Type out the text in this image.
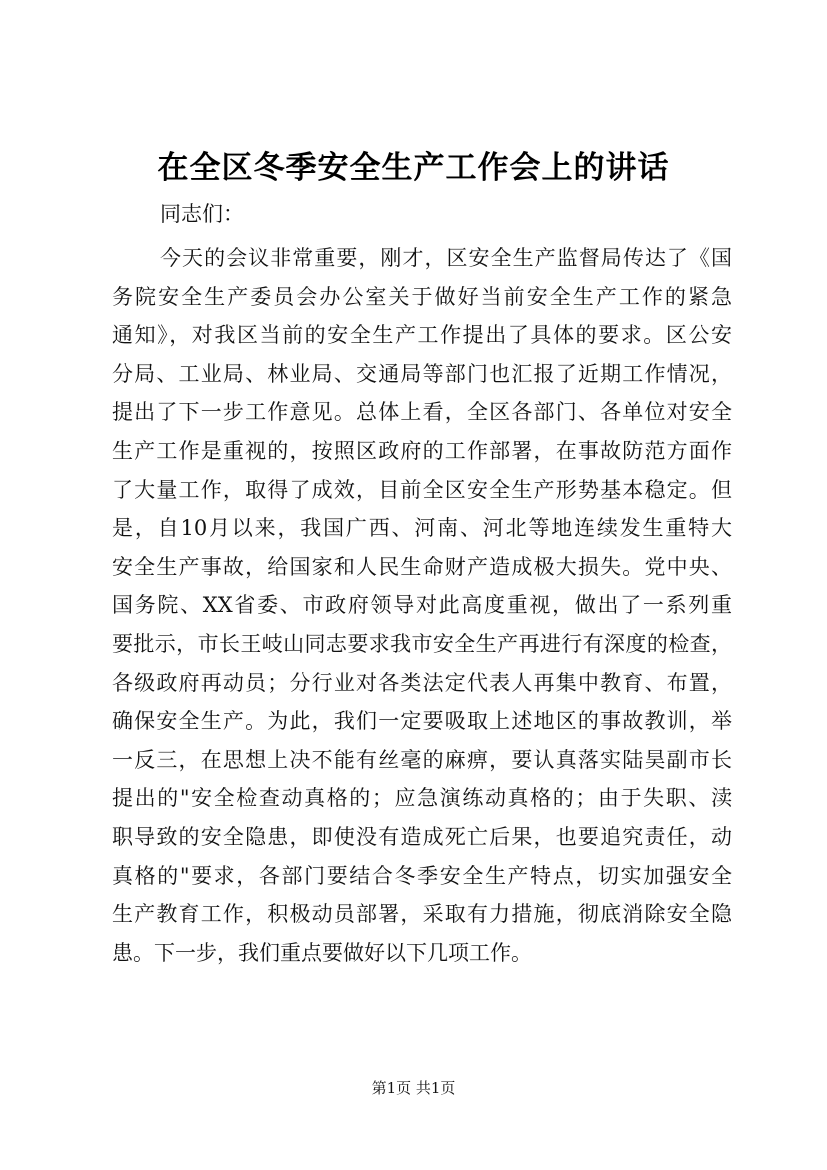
在全区冬季安全生产工作会上的讲话
同志们：
今天的会议非常重要，刚才，区安全生产监督局传达了《国
务院安全生产委员会办公室关于做好当前安全生产工作的紧急
通知》，对我区当前的安全生产工作提出了具体的要求。区公安
分局、工业局、林业局、交通局等部门也汇报了近期工作情况，
提出了下一步工作意见。总体上看，全区各部门、各单位对安全
生产工作是重视的，按照区政府的工作部署，在事故防范方面作
了大量工作，取得了成效，目前全区安全生产形势基本稳定。但
是，自10月以来，我国广西、河南、河北等地连续发生重特大
安全生产事故，给国家和人民生命财产造成极大损失。党中央、
国务院、XX省委、市政府领导对此高度重视，做出了一系列重
要批示，市长王岐山同志要求我市安全生产再进行有深度的检查，
各级政府再动员；分行业对各类法定代表人再集中教育、布置，
确保安全生产。为此，我们一定要吸取上述地区的事故教训，举
一反三，在思想上决不能有丝毫的麻痹，要认真落实陆昊副市长
提出的"安全检查动真格的；应急演练动真格的；由于失职、渎
职导致的安全隐患，即使没有造成死亡后果，也要追究责任，动
真格的"要求，各部门要结合冬季安全生产特点，切实加强安全
生产教育工作，积极动员部署，采取有力措施，彻底消除安全隐
患。下一步，我们重点要做好以下几项工作。
第1页 共1页
